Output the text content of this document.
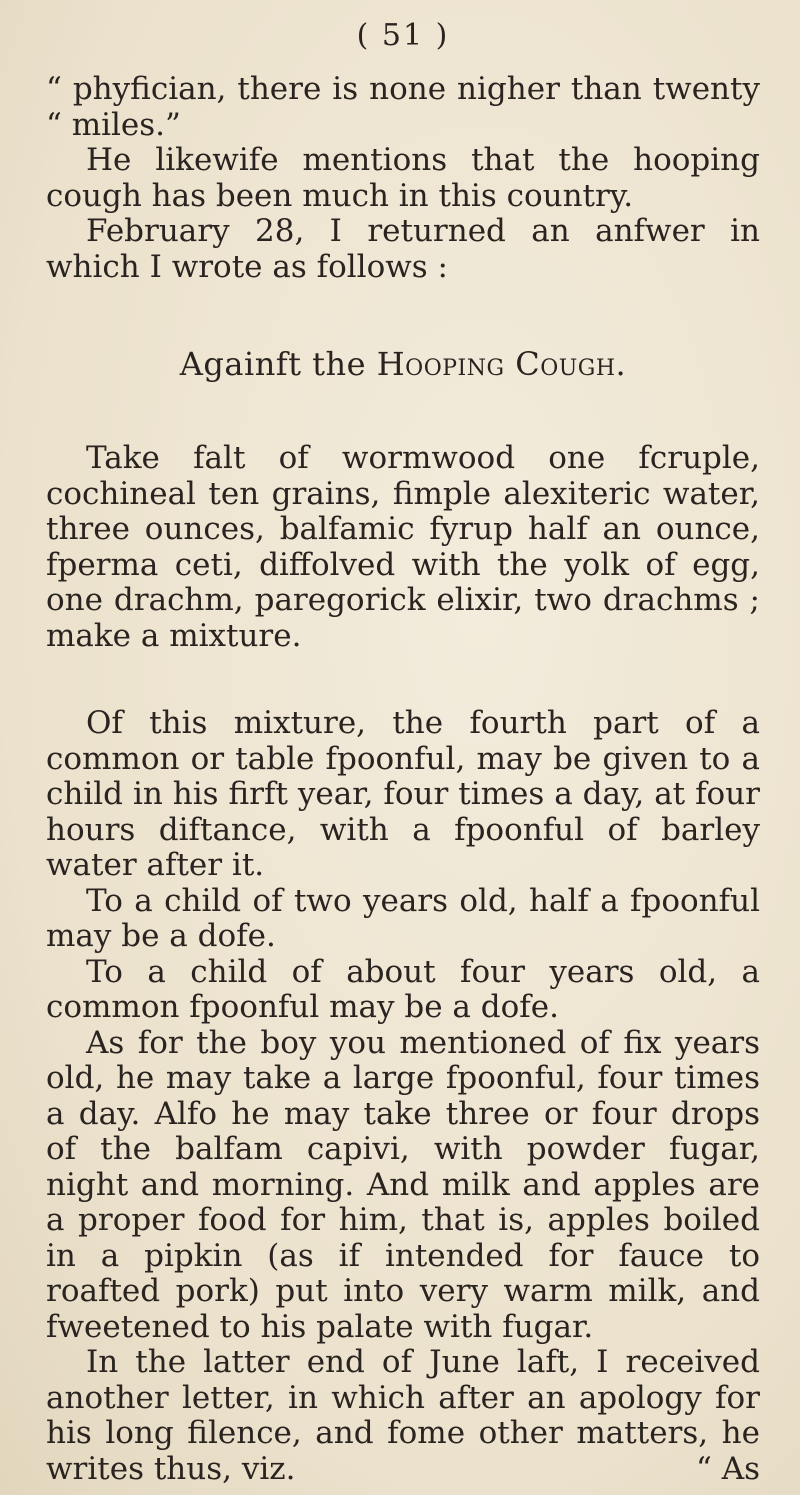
( 51 )

“ phyfician, there is none nigher than twenty

“ miles.”

He likewife mentions that the hooping cough has been much in this country.

February 28, I returned an anfwer in which I wrote as follows :

Againft the Hooping Cough.

Take falt of wormwood one fcruple, cochineal ten grains, fimple alexiteric water, three ounces, balfamic fyrup half an ounce, fperma ceti, diffolved with the yolk of egg, one drachm, paregorick elixir, two drachms ; make a mixture.

Of this mixture, the fourth part of a common or table fpoonful, may be given to a child in his firft year, four times a day, at four hours diftance, with a fpoonful of barley water after it.

To a child of two years old, half a fpoonful may be a dofe.

To a child of about four years old, a common fpoonful may be a dofe.

As for the boy you mentioned of fix years old, he may take a large fpoonful, four times a day. Alfo he may take three or four drops of the balfam capivi, with powder fugar, night and morning. And milk and apples are a proper food for him, that is, apples boiled in a pipkin (as if intended for fauce to roafted pork) put into very warm milk, and fweetened to his palate with fugar.

In the latter end of June laft, I received another letter, in which after an apology for his long filence, and fome other matters, he writes thus, viz.	“ As
